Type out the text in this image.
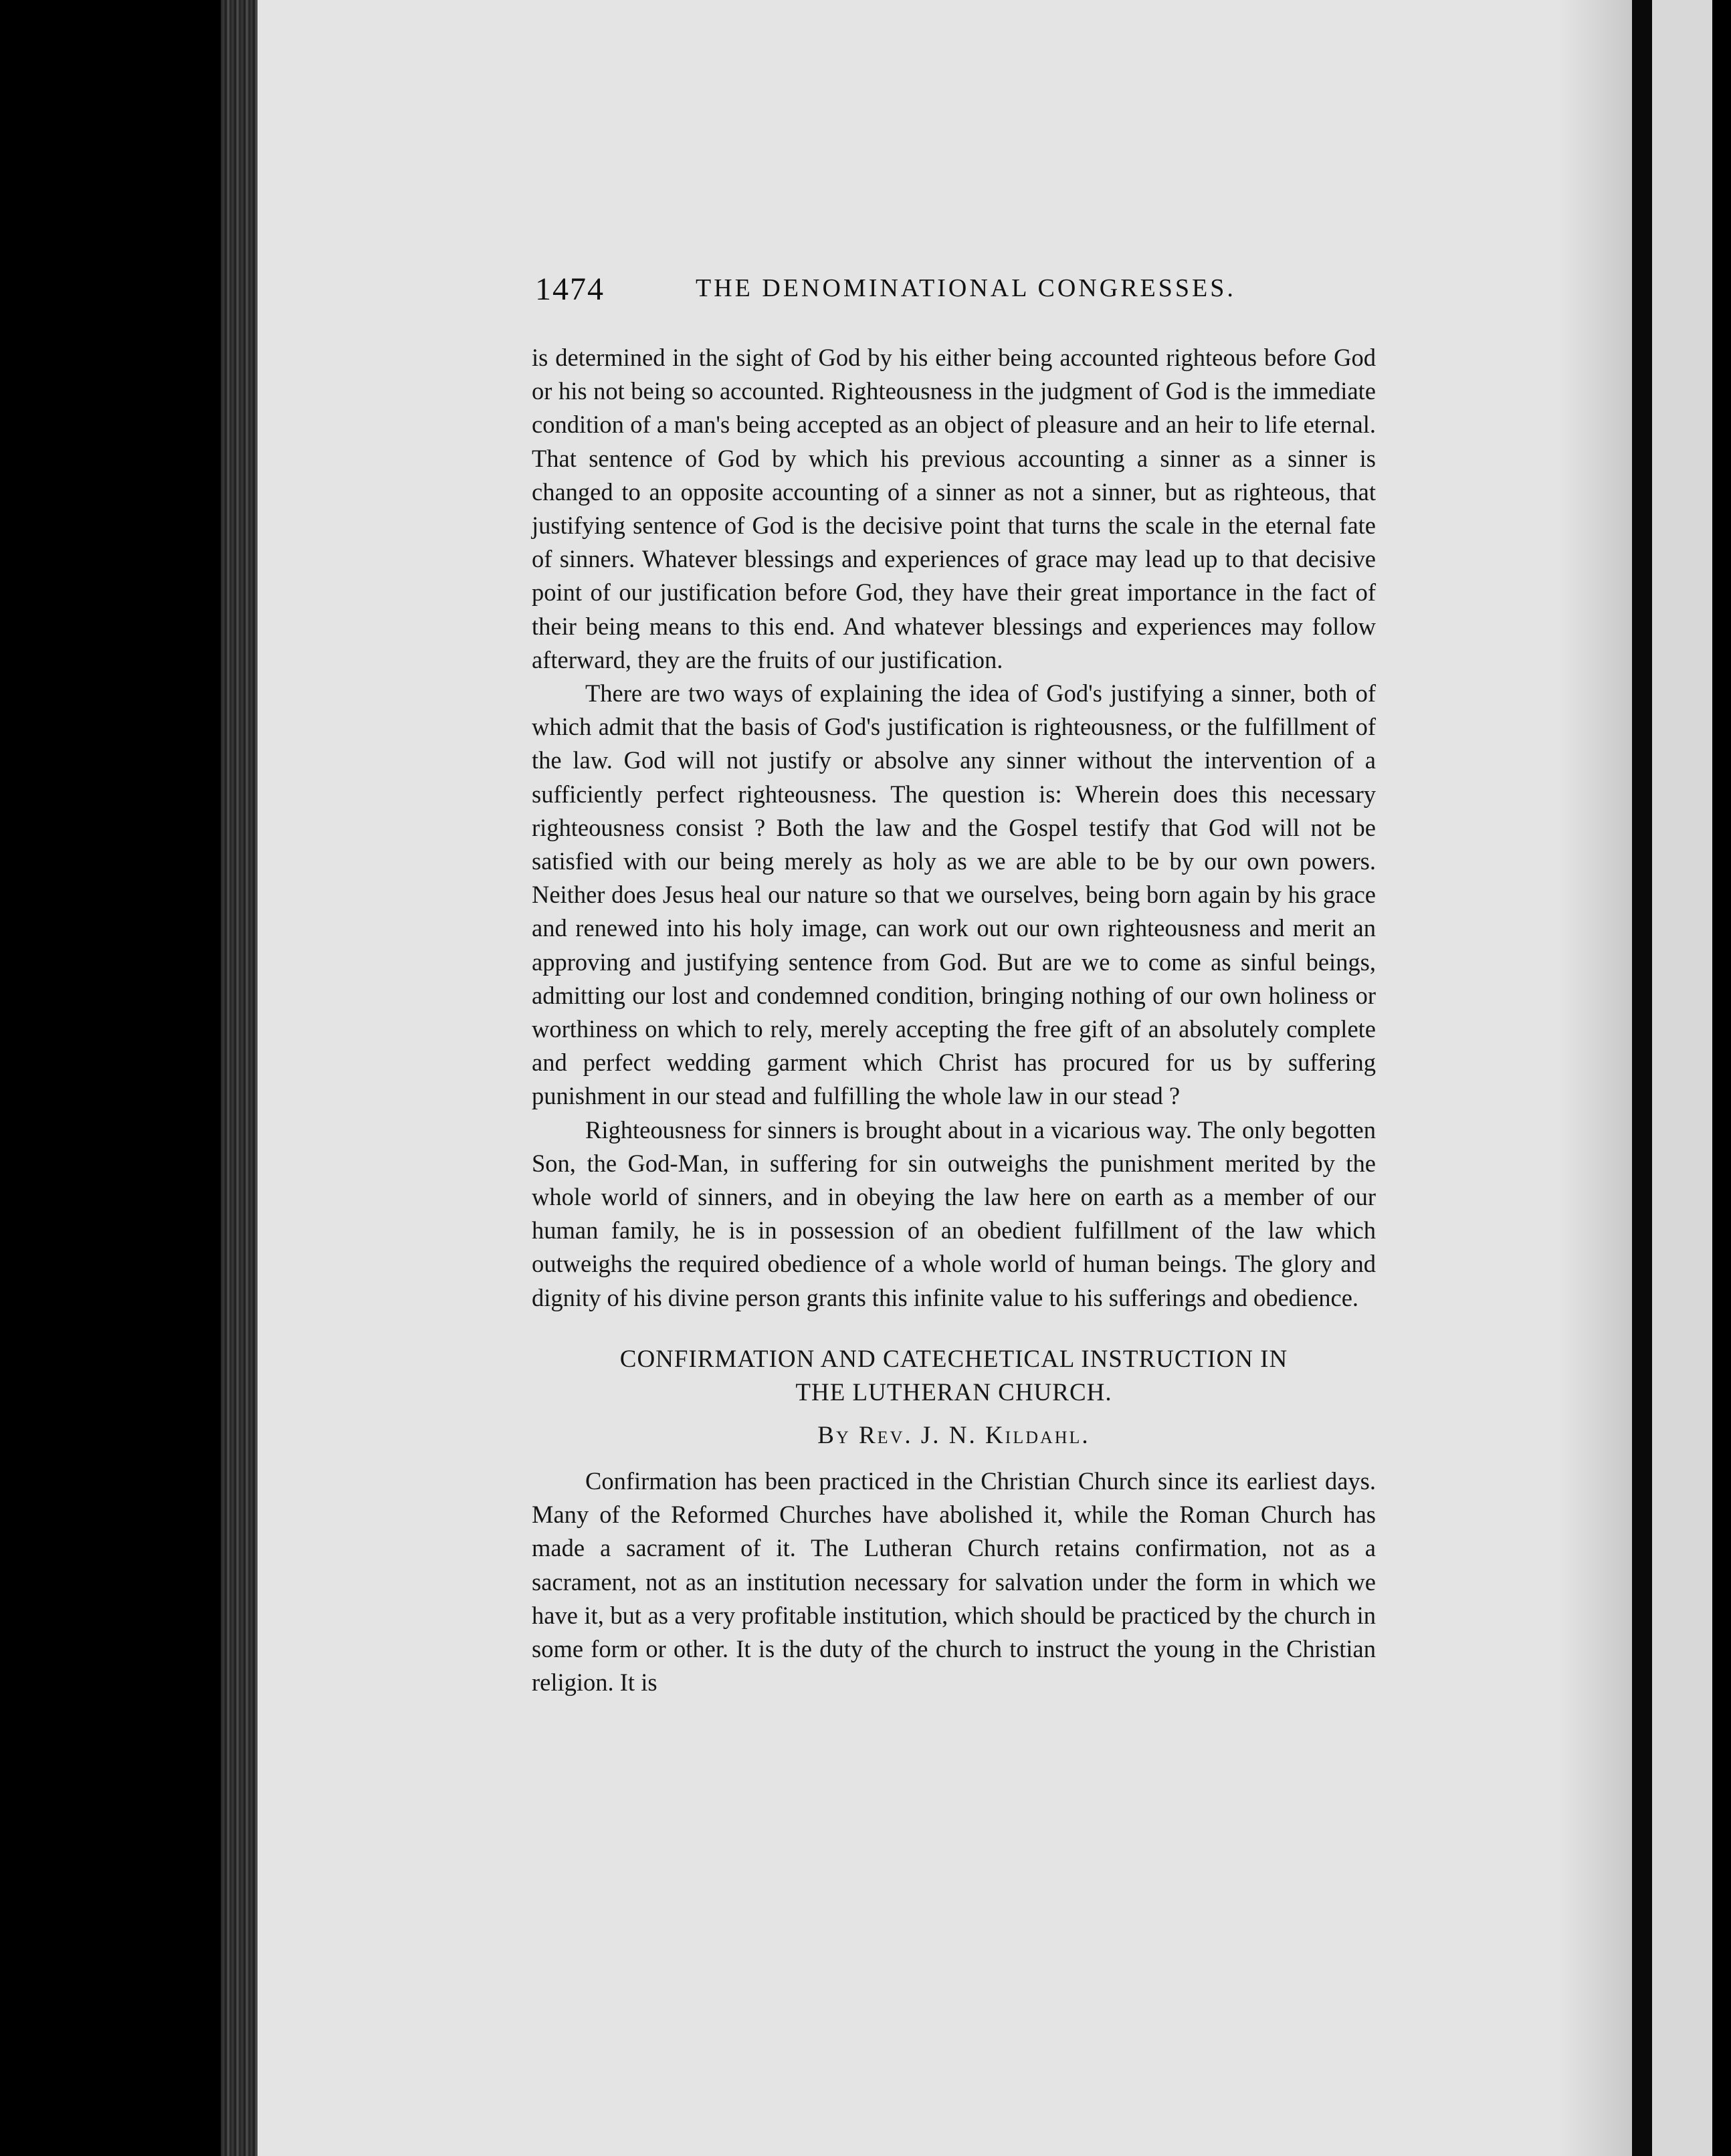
1474	THE DENOMINATIONAL CONGRESSES.

is determined in the sight of God by his either being accounted righteous before God or his not being so accounted. Righteousness in the judgment of God is the immediate condition of a man's being accepted as an object of pleasure and an heir to life eternal. That sentence of God by which his previous accounting a sinner as a sinner is changed to an opposite accounting of a sinner as not a sinner, but as righteous, that justifying sentence of God is the decisive point that turns the scale in the eternal fate of sinners. Whatever blessings and experiences of grace may lead up to that decisive point of our justification before God, they have their great importance in the fact of their being means to this end. And whatever blessings and experiences may follow afterward, they are the fruits of our justification.

There are two ways of explaining the idea of God's justifying a sinner, both of which admit that the basis of God's justification is righteousness, or the fulfillment of the law. God will not justify or absolve any sinner without the intervention of a sufficiently perfect righteousness. The question is: Wherein does this necessary righteousness consist ? Both the law and the Gospel testify that God will not be satisfied with our being merely as holy as we are able to be by our own powers. Neither does Jesus heal our nature so that we ourselves, being born again by his grace and renewed into his holy image, can work out our own righteousness and merit an approving and justifying sentence from God. But are we to come as sinful beings, admitting our lost and condemned condition, bringing nothing of our own holiness or worthiness on which to rely, merely accepting the free gift of an absolutely complete and perfect wedding garment which Christ has procured for us by suffering punishment in our stead and fulfilling the whole law in our stead ?

Righteousness for sinners is brought about in a vicarious way. The only begotten Son, the God-Man, in suffering for sin outweighs the punishment merited by the whole world of sinners, and in obeying the law here on earth as a member of our human family, he is in possession of an obedient fulfillment of the law which outweighs the required obedience of a whole world of human beings. The glory and dignity of his divine person grants this infinite value to his sufferings and obedience.

CONFIRMATION AND CATECHETICAL INSTRUCTION IN
THE LUTHERAN CHURCH.
By Rev. J. N. Kildahl.

Confirmation has been practiced in the Christian Church since its earliest days. Many of the Reformed Churches have abolished it, while the Roman Church has made a sacrament of it. The Lutheran Church retains confirmation, not as a sacrament, not as an institution necessary for salvation under the form in which we have it, but as a very profitable institution, which should be practiced by the church in some form or other. It is the duty of the church to instruct the young in the Christian religion. It is
